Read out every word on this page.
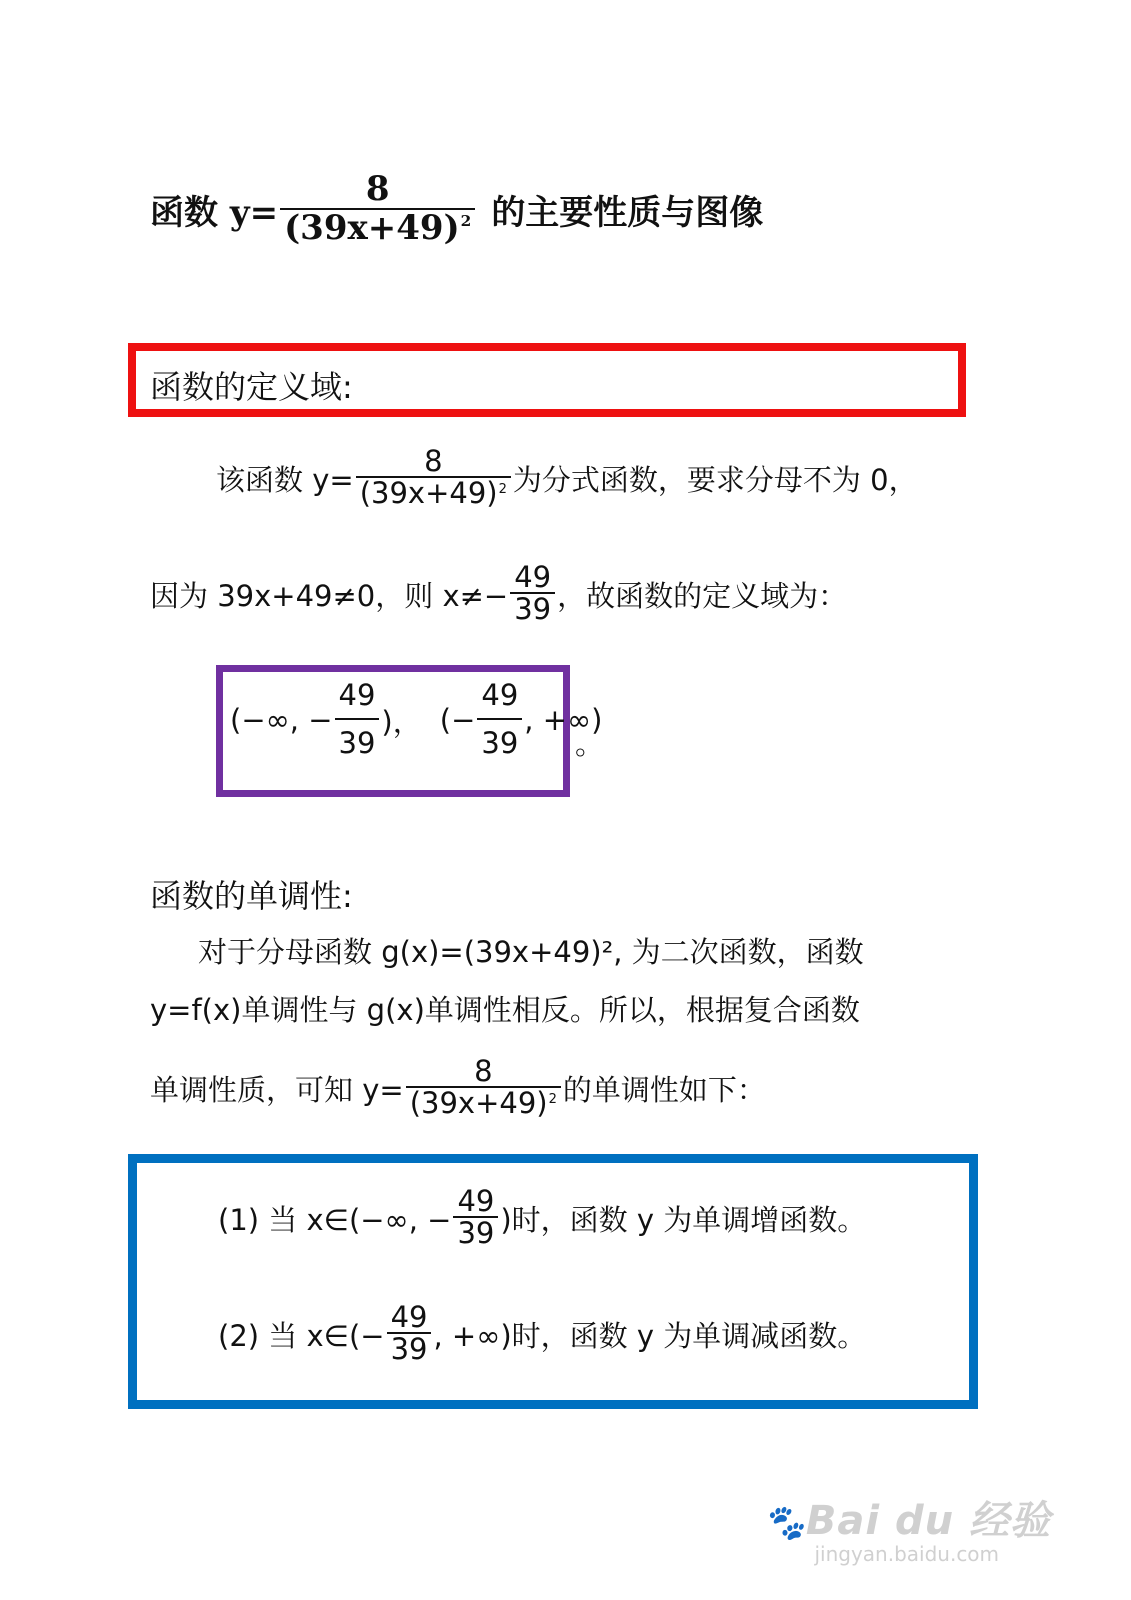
函数 $y= \frac{8}{(39x+49)^2}$ 的主要性质与图像
函数的定义域:
该函数 $y= \frac{8}{(39x+49)^2}$ 为分式函数，要求分母不为 0，
因为 39x+49≠0，则 $x\ne- \frac{49}{39}$ ，故函数的定义域为：
(−∞, − $\frac{49}{39}$ )， (− $\frac{49}{39}$ , +∞)
。
函数的单调性:
对于分母函数 g(x)=(39x+49)², 为二次函数，函数
y=f(x)单调性与 g(x)单调性相反。所以，根据复合函数
单调性质，可知 $y= \frac{8}{(39x+49)^2}$ 的单调性如下：
(1) 当 x∈(−∞, − $\frac{49}{39}$ )时，函数 y 为单调增函数。
(2) 当 x∈(− $\frac{49}{39}$ , +∞)时，函数 y 为单调减函数。
🐾Bai du 经验
jingyan.baidu.com
